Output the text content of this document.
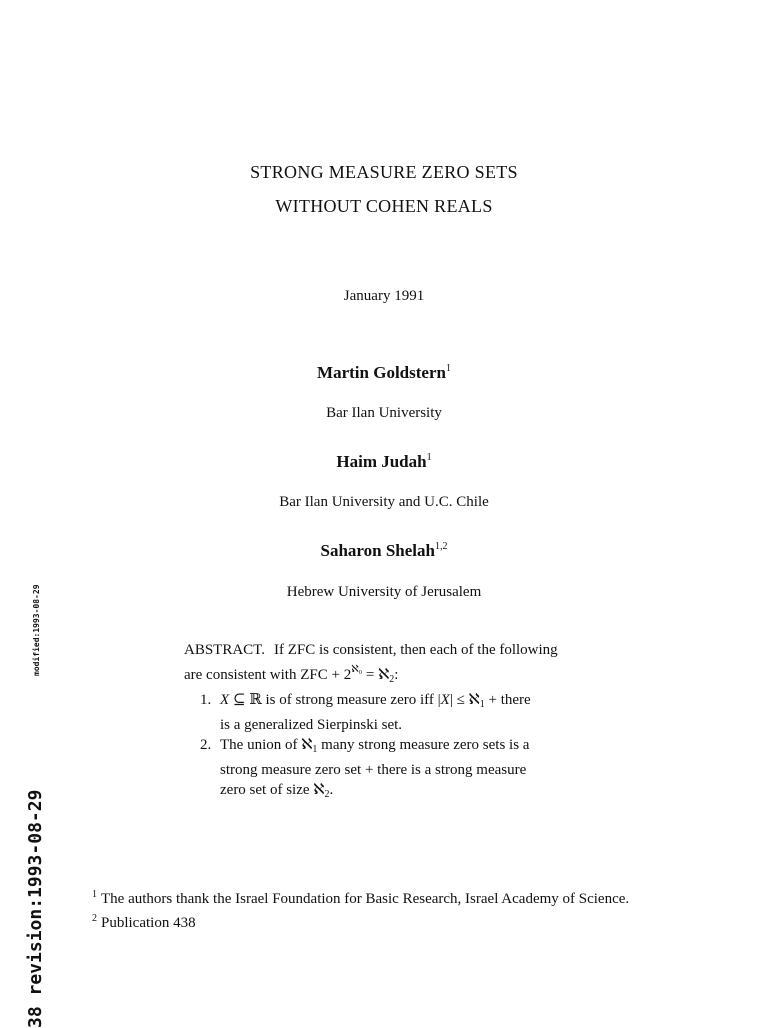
STRONG MEASURE ZERO SETS
WITHOUT COHEN REALS
January 1991
Martin Goldstern$^1$
Bar Ilan University
Haim Judah$^1$
Bar Ilan University and U.C. Chile
Saharon Shelah$^{1,2}$
Hebrew University of Jerusalem
ABSTRACT. If ZFC is consistent, then each of the following
are consistent with ZFC + $2^{ℵ_0}$ = ℵ$_2$:
1. X ⊆ ℝ is of strong measure zero iff |X| ≤ ℵ$_1$ + there
is a generalized Sierpinski set.
2. The union of ℵ$_1$ many strong measure zero sets is a
strong measure zero set + there is a strong measure
zero set of size ℵ$_2$.
$^1$ The authors thank the Israel Foundation for Basic Research, Israel Academy of Science.
$^2$ Publication 438
modified:1993-08-29
38 revision:1993-08-29
